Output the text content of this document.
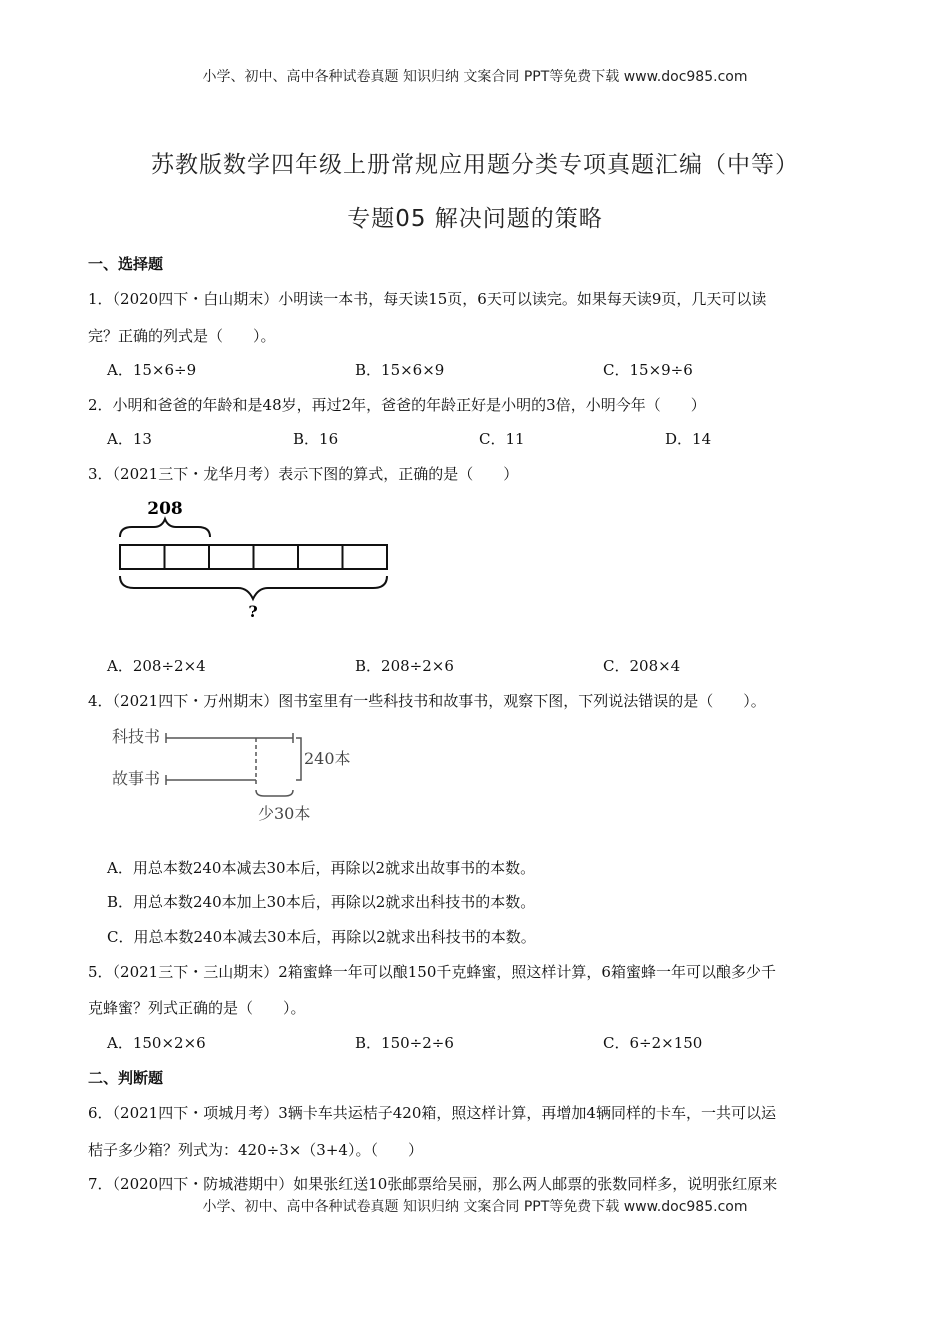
小学、初中、高中各种试卷真题 知识归纳 文案合同 PPT等免费下载 www.doc985.com
苏教版数学四年级上册常规应用题分类专项真题汇编（中等）
专题05 解决问题的策略
一、选择题
1．（2020四下・白山期末）小明读一本书，每天读15页，6天可以读完。如果每天读9页，几天可以读
完？正确的列式是（　　）。
A．15×6÷9	B．15×6×9	C．15×9÷6
2．小明和爸爸的年龄和是48岁，再过2年，爸爸的年龄正好是小明的3倍，小明今年（　　）
A．13	B．16	C．11	D．14
3．（2021三下・龙华月考）表示下图的算式，正确的是（　　）
208
?
A．208÷2×4	B．208÷2×6	C．208×4
4．（2021四下・万州期末）图书室里有一些科技书和故事书，观察下图，下列说法错误的是（　　）。
科技书
故事书
240本
少30本
A．用总本数240本减去30本后，再除以2就求出故事书的本数。
B．用总本数240本加上30本后，再除以2就求出科技书的本数。
C．用总本数240本减去30本后，再除以2就求出科技书的本数。
5．（2021三下・三山期末）2箱蜜蜂一年可以酿150千克蜂蜜，照这样计算，6箱蜜蜂一年可以酿多少千
克蜂蜜？列式正确的是（　　）。
A．150×2×6	B．150÷2÷6	C．6÷2×150
二、判断题
6．（2021四下・项城月考）3辆卡车共运桔子420箱，照这样计算，再增加4辆同样的卡车，一共可以运
桔子多少箱？列式为：420÷3×（3+4）。（　　）
7．（2020四下・防城港期中）如果张红送10张邮票给吴丽，那么两人邮票的张数同样多，说明张红原来
小学、初中、高中各种试卷真题 知识归纳 文案合同 PPT等免费下载 www.doc985.com
